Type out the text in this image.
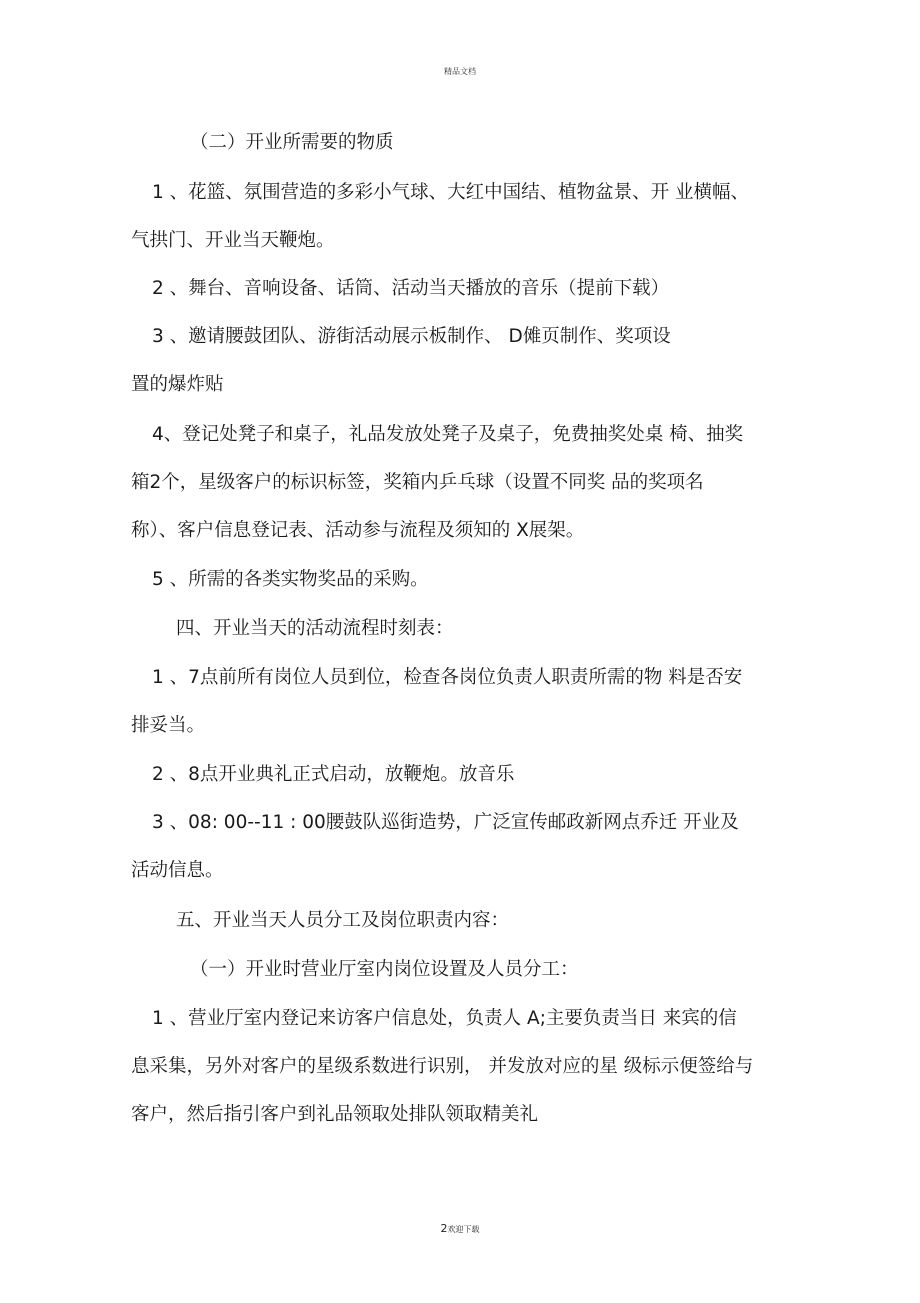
精品文档
（二）开业所需要的物质
1 、花篮、氛围营造的多彩小气球、大红中国结、植物盆景、开 业横幅、
气拱门、开业当天鞭炮。
2 、舞台、音响设备、话筒、活动当天播放的音乐（提前下载）
3 、邀请腰鼓团队、游街活动展示板制作、 D傩页制作、奖项设
置的爆炸贴
4、登记处凳子和桌子，礼品发放处凳子及桌子，免费抽奖处桌 椅、抽奖
箱2个，星级客户的标识标签，奖箱内乒乓球（设置不同奖 品的奖项名
称）、客户信息登记表、活动参与流程及须知的 X展架。
5 、所需的各类实物奖品的采购。
四、开业当天的活动流程时刻表：
1 、7点前所有岗位人员到位，检查各岗位负责人职责所需的物 料是否安
排妥当。
2 、8点开业典礼正式启动，放鞭炮。放音乐
3 、08: 00--11 : 00腰鼓队巡街造势，广泛宣传邮政新网点乔迁 开业及
活动信息。
五、开业当天人员分工及岗位职责内容：
（一）开业时营业厅室内岗位设置及人员分工：
1 、营业厅室内登记来访客户信息处，负责人 A;主要负责当日 来宾的信
息采集，另外对客户的星级系数进行识别， 并发放对应的星 级标示便签给与
客户，然后指引客户到礼品领取处排队领取精美礼
2欢迎下载
